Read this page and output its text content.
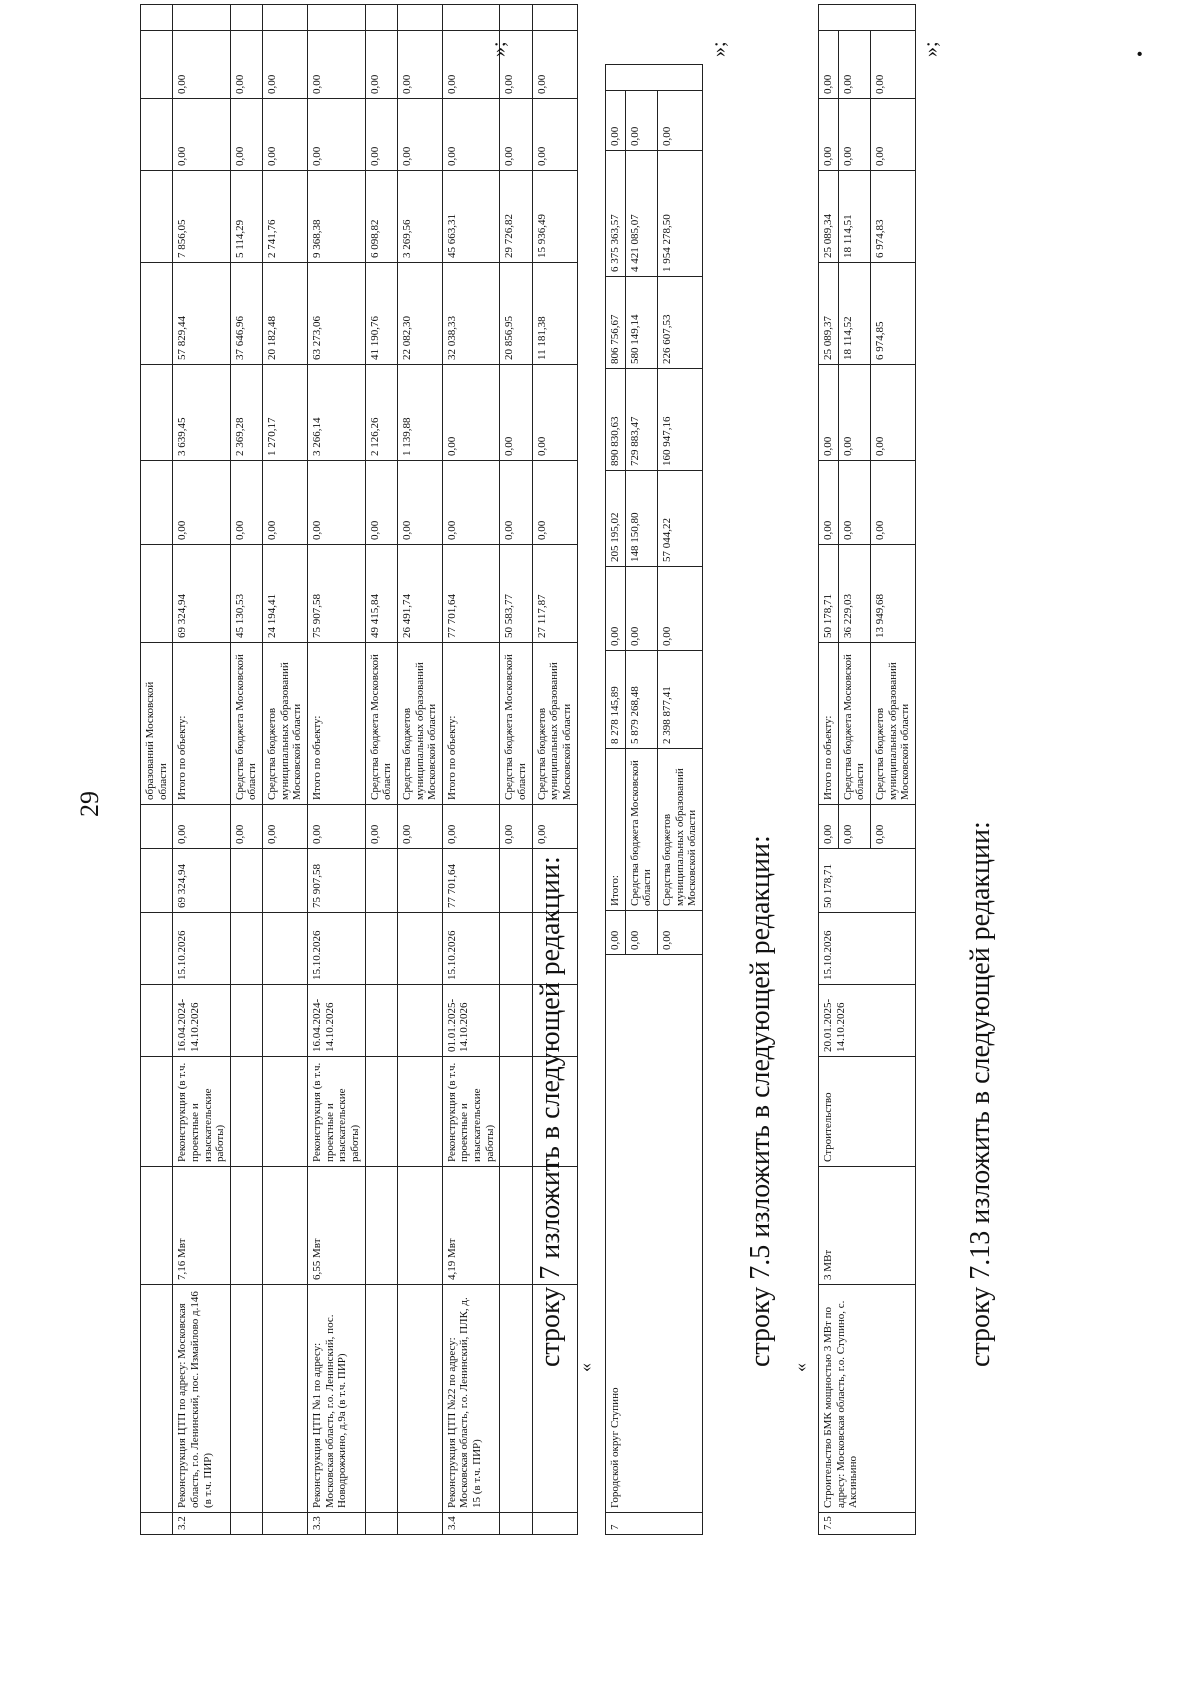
29
								образований Московской области								
3.2	Реконструкция ЦТП по адресу: Московская область, г.о. Ленинский, пос. Измайлово д.146 (в т.ч. ПИР)	7,16 Мвт	Реконструкция (в т.ч. проектные и изыскательские работы)	16.04.2024-14.10.2026	15.10.2026	69 324,94	0,00	Итого по объекту:	69 324,94	0,00	3 639,45	57 829,44	7 856,05	0,00	0,00	
							0,00	Средства бюджета Московской области	45 130,53	0,00	2 369,28	37 646,96	5 114,29	0,00	0,00	
							0,00	Средства бюджетов муниципальных образований Московской области	24 194,41	0,00	1 270,17	20 182,48	2 741,76	0,00	0,00	
3.3	Реконструкция ЦТП №1 по адресу: Московская область, г.о. Ленинский, пос. Новодрожжино, д.9а (в т.ч. ПИР)	6,55 Мвт	Реконструкция (в т.ч. проектные и изыскательские работы)	16.04.2024-14.10.2026	15.10.2026	75 907,58	0,00	Итого по объекту:	75 907,58	0,00	3 266,14	63 273,06	9 368,38	0,00	0,00	
							0,00	Средства бюджета Московской области	49 415,84	0,00	2 126,26	41 190,76	6 098,82	0,00	0,00	
							0,00	Средства бюджетов муниципальных образований Московской области	26 491,74	0,00	1 139,88	22 082,30	3 269,56	0,00	0,00	
3.4	Реконструкция ЦТП №22 по адресу: Московская область, г.о. Ленинский, ПЛК, д. 15 (в т.ч. ПИР)	4,19 Мвт	Реконструкция (в т.ч. проектные и изыскательские работы)	01.01.2025-14.10.2026	15.10.2026	77 701,64	0,00	Итого по объекту:	77 701,64	0,00	0,00	32 038,33	45 663,31	0,00	0,00	
							0,00	Средства бюджета Московской области	50 583,77	0,00	0,00	20 856,95	29 726,82	0,00	0,00	
							0,00	Средства бюджетов муниципальных образований Московской области	27 117,87	0,00	0,00	11 181,38	15 936,49	0,00	0,00	
»;
строку 7 изложить в следующей редакции:
«
7	Городской округ Ступино	0,00	Итого:	8 278 145,89	0,00	205 195,02	890 830,63	806 756,67	6 375 363,57	0,00	
		0,00	Средства бюджета Московской области	5 879 268,48	0,00	148 150,80	729 883,47	580 149,14	4 421 085,07	0,00	
		0,00	Средства бюджетов муниципальных образований Московской области	2 398 877,41	0,00	57 044,22	160 947,16	226 607,53	1 954 278,50	0,00	
»;
строку 7.5 изложить в следующей редакции:
«
7.5	Строительство БМК мощностью 3 МВт по адресу: Московская область, г.о. Ступино, с. Аксиньино	3 МВт	Строительство	20.01.2025-14.10.2026	15.10.2026	50 178,71	0,00	Итого по объекту:	50 178,71	0,00	0,00	25 089,37	25 089,34	0,00	0,00	
							0,00	Средства бюджета Московской области	36 229,03	0,00	0,00	18 114,52	18 114,51	0,00	0,00	
							0,00	Средства бюджетов муниципальных образований Московской области	13 949,68	0,00	0,00	6 974,85	6 974,83	0,00	0,00	
»;
строку 7.13 изложить в следующей редакции:
•
